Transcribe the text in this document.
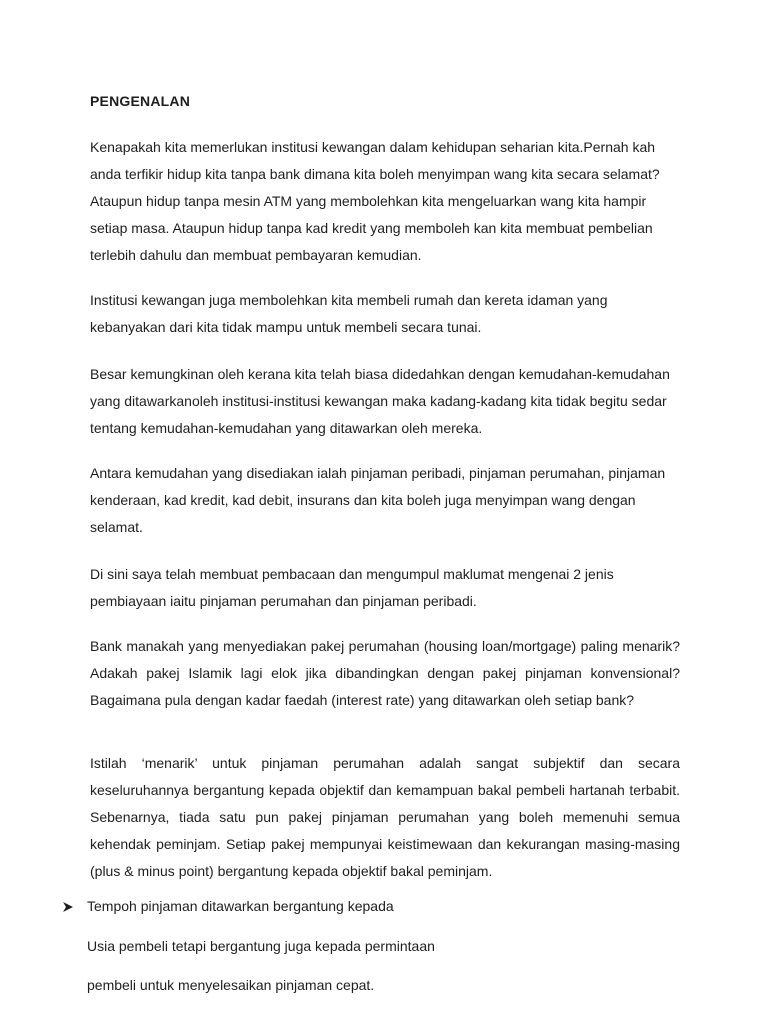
PENGENALAN

Kenapakah kita memerlukan institusi kewangan dalam kehidupan seharian kita.Pernah kah anda terfikir hidup kita tanpa bank dimana kita boleh menyimpan wang kita secara selamat? Ataupun hidup tanpa mesin ATM yang membolehkan kita mengeluarkan wang kita hampir setiap masa. Ataupun hidup tanpa kad kredit yang memboleh kan kita membuat pembelian terlebih dahulu dan membuat pembayaran kemudian.

Institusi kewangan juga membolehkan kita membeli rumah dan kereta idaman yang kebanyakan dari kita tidak mampu untuk membeli secara tunai.

Besar kemungkinan oleh kerana kita telah biasa didedahkan dengan kemudahan-kemudahan yang ditawarkanoleh institusi-institusi kewangan maka kadang-kadang kita tidak begitu sedar tentang kemudahan-kemudahan yang ditawarkan oleh mereka.

Antara kemudahan yang disediakan ialah pinjaman peribadi, pinjaman perumahan, pinjaman kenderaan, kad kredit, kad debit, insurans dan kita boleh juga menyimpan wang dengan selamat.

Di sini saya telah membuat pembacaan dan mengumpul maklumat mengenai 2 jenis pembiayaan iaitu pinjaman perumahan dan pinjaman peribadi.

Bank manakah yang menyediakan pakej perumahan (housing loan/mortgage) paling menarik? Adakah pakej Islamik lagi elok jika dibandingkan dengan pakej pinjaman konvensional? Bagaimana pula dengan kadar faedah (interest rate) yang ditawarkan oleh setiap bank?

Istilah ‘menarik’ untuk pinjaman perumahan adalah sangat subjektif dan secara keseluruhannya bergantung kepada objektif dan kemampuan bakal pembeli hartanah terbabit. Sebenarnya, tiada satu pun pakej pinjaman perumahan yang boleh memenuhi semua kehendak peminjam. Setiap pakej mempunyai keistimewaan dan kekurangan masing-masing (plus & minus point) bergantung kepada objektif bakal peminjam.

Tempoh pinjaman ditawarkan bergantung kepada

Usia pembeli tetapi bergantung juga kepada permintaan

pembeli untuk menyelesaikan pinjaman cepat.
